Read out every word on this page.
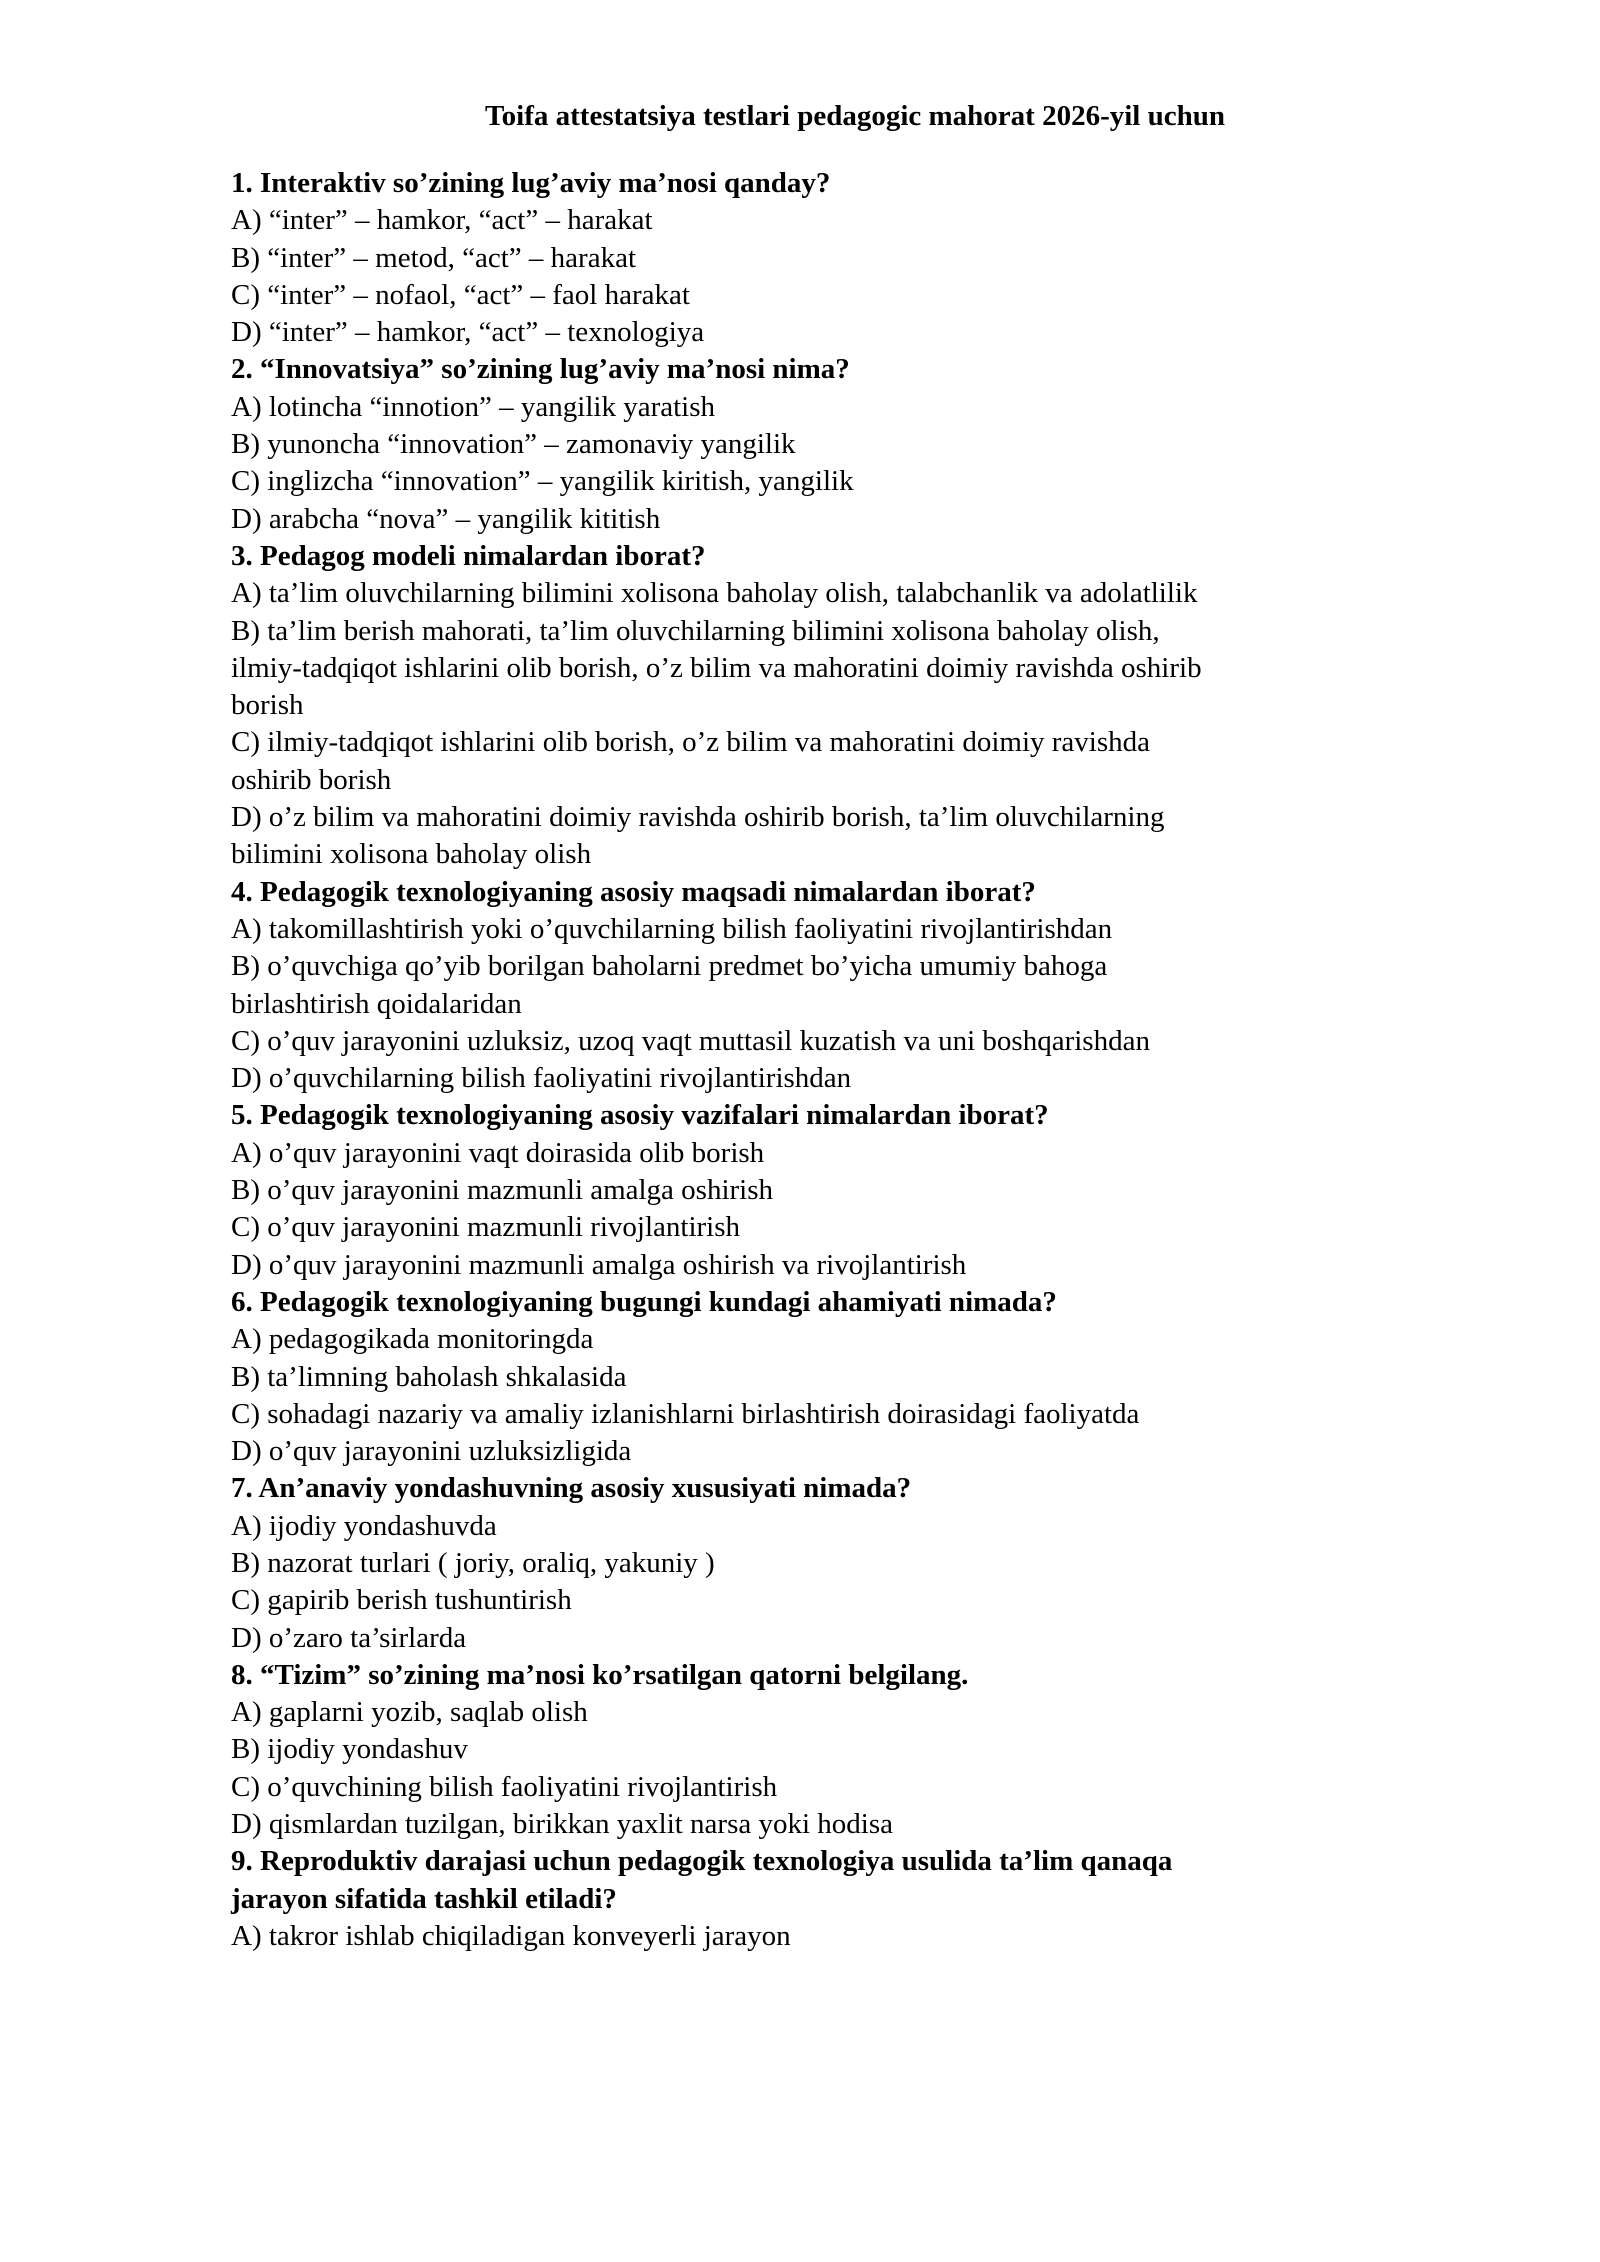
Toifa attestatsiya testlari pedagogic mahorat 2026-yil uchun
1. Interaktiv so’zining lug’aviy ma’nosi qanday?
A) “inter” – hamkor, “act” – harakat
B) “inter” – metod, “act” – harakat
C) “inter” – nofaol, “act” – faol harakat
D) “inter” – hamkor, “act” – texnologiya
2. “Innovatsiya” so’zining lug’aviy ma’nosi nima?
A) lotincha “innotion” – yangilik yaratish
B) yunoncha “innovation” – zamonaviy yangilik
C) inglizcha “innovation” – yangilik kiritish, yangilik
D) arabcha “nova” – yangilik kititish
3. Pedagog modeli nimalardan iborat?
A) ta’lim oluvchilarning bilimini xolisona baholay olish, talabchanlik va adolatlilik
B) ta’lim berish mahorati, ta’lim oluvchilarning bilimini xolisona baholay olish, ilmiy-tadqiqot ishlarini olib borish, o’z bilim va mahoratini doimiy ravishda oshirib borish
C) ilmiy-tadqiqot ishlarini olib borish, o’z bilim va mahoratini doimiy ravishda oshirib borish
D) o’z bilim va mahoratini doimiy ravishda oshirib borish, ta’lim oluvchilarning bilimini xolisona baholay olish
4. Pedagogik texnologiyaning asosiy maqsadi nimalardan iborat?
A) takomillashtirish yoki o’quvchilarning bilish faoliyatini rivojlantirishdan
B) o’quvchiga qo’yib borilgan baholarni predmet bo’yicha umumiy bahoga birlashtirish qoidalaridan
C) o’quv jarayonini uzluksiz, uzoq vaqt muttasil kuzatish va uni boshqarishdan
D) o’quvchilarning bilish faoliyatini rivojlantirishdan
5. Pedagogik texnologiyaning asosiy vazifalari nimalardan iborat?
A) o’quv jarayonini vaqt doirasida olib borish
B) o’quv jarayonini mazmunli amalga oshirish
C) o’quv jarayonini mazmunli rivojlantirish
D) o’quv jarayonini mazmunli amalga oshirish va rivojlantirish
6. Pedagogik texnologiyaning bugungi kundagi ahamiyati nimada?
A) pedagogikada monitoringda
B) ta’limning baholash shkalasida
C) sohadagi nazariy va amaliy izlanishlarni birlashtirish doirasidagi faoliyatda
D) o’quv jarayonini uzluksizligida
7. An’anaviy yondashuvning asosiy xususiyati nimada?
A) ijodiy yondashuvda
B) nazorat turlari ( joriy, oraliq, yakuniy )
C) gapirib berish tushuntirish
D) o’zaro ta’sirlarda
8. “Tizim” so’zining ma’nosi ko’rsatilgan qatorni belgilang.
A) gaplarni yozib, saqlab olish
B) ijodiy yondashuv
C) o’quvchining bilish faoliyatini rivojlantirish
D) qismlardan tuzilgan, birikkan yaxlit narsa yoki hodisa
9. Reproduktiv darajasi uchun pedagogik texnologiya usulida ta’lim qanaqa jarayon sifatida tashkil etiladi?
A) takror ishlab chiqiladigan konveyerli jarayon
